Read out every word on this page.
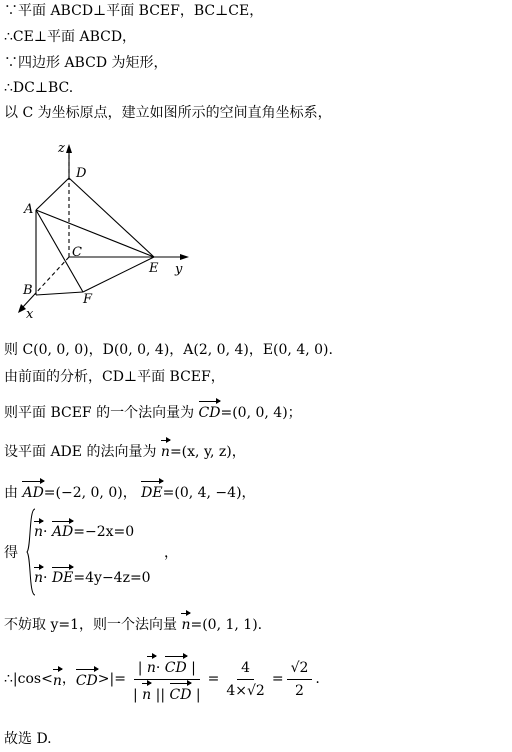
∵平面 ABCD⊥平面 BCEF，BC⊥CE，
∴CE⊥平面 ABCD，
∵四边形 ABCD 为矩形，
∴DC⊥BC.
以 C 为坐标原点，建立如图所示的空间直角坐标系，
z
D
A
C
E y
B
F
x
则 C(0, 0, 0)，D(0, 0, 4)，A(2, 0, 4)，E(0, 4, 0).
由前面的分析，CD⊥平面 BCEF，
则平面 BCEF 的一个法向量为 CD=(0, 0, 4)；
设平面 ADE 的法向量为 n=(x, y, z)，
由 AD=(−2, 0, 0)， DE=(0, 4, −4)，
得
n· AD=−2x=0
n· DE=4y−4z=0
，
不妨取 y=1，则一个法向量 n=(0, 1, 1).
∴|cos< n ， CD >|= $\frac{| n\cdot CD |}{| n || CD |} = \frac{4}{4\times√2} = \frac{√2}{2}$ .
故选 D.
